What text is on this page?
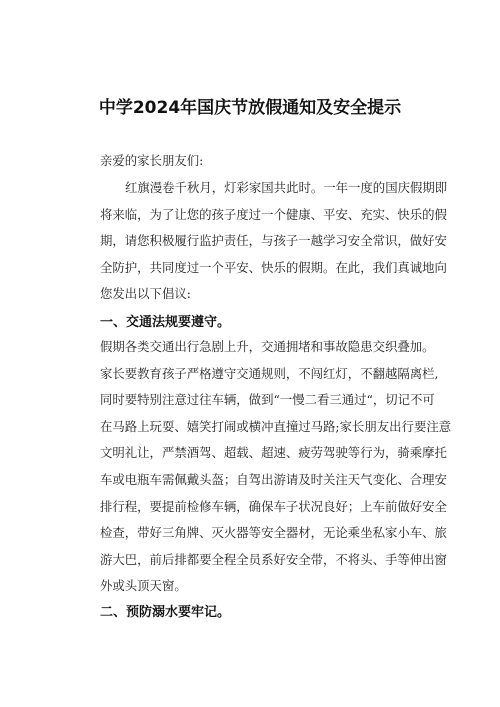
中学2024年国庆节放假通知及安全提示
亲爱的家长朋友们:
红旗漫卷千秋月，灯彩家国共此时。一年一度的国庆假期即
将来临，为了让您的孩子度过一个健康、平安、充实、快乐的假
期，请您积极履行监护责任，与孩子一越学习安全常识，做好安
全防护，共同度过一个平安、快乐的假期。在此，我们真诚地向
您发出以下倡议:
一、交通法规要遵守。
假期各类交通出行急剧上升，交通拥堵和事故隐患交织叠加。
家长要教育孩子严格遵守交通规则，不闯红灯，不翻越隔离栏,
同时要特别注意过往车辆，做到“一慢二看三通过“，切记不可
在马路上玩耍、嬉笑打闹或横冲直撞过马路;家长朋友出行要注意
文明礼让，严禁酒驾、超载、超速、疲劳驾驶等行为，骑乘摩托
车或电瓶车需佩戴头盔；自驾出游请及时关注天气变化、合理安
排行程，要提前检修车辆，确保车子状况良好；上车前做好安全
检查，带好三角牌、灭火器等安全器材，无论乘坐私家小车、旅
游大巴，前后排都要全程全员系好安全带，不将头、手等伸出窗
外或头顶天窗。
二、预防溺水要牢记。
